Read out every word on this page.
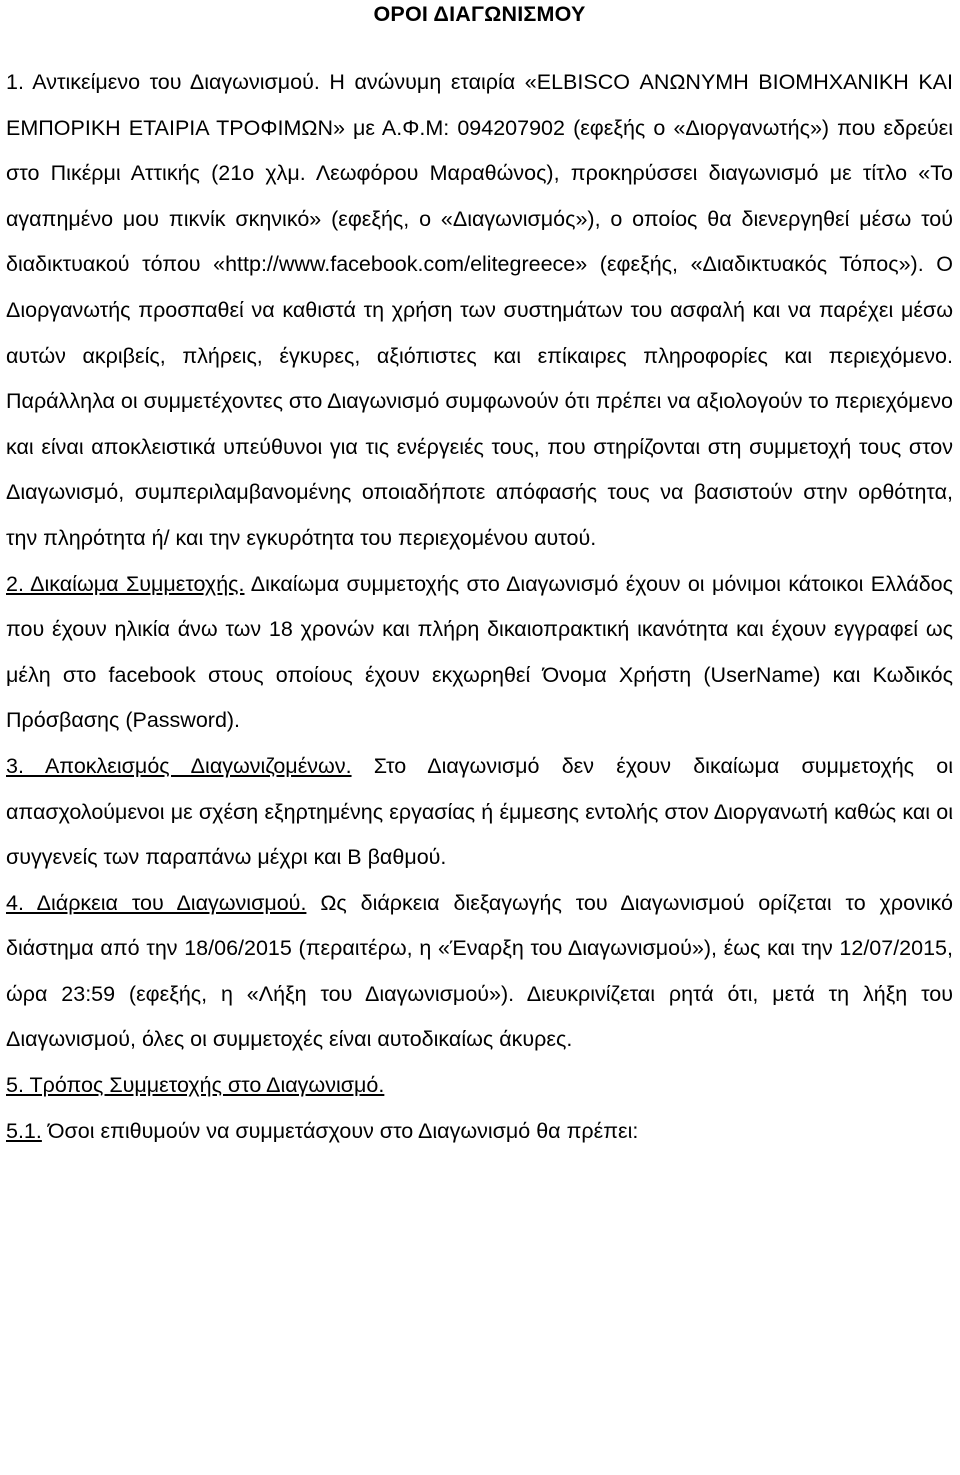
ΟΡΟΙ ΔΙΑΓΩΝΙΣΜΟΥ

1. Αντικείμενο του Διαγωνισμού. Η ανώνυμη εταιρία «ELBISCO ΑΝΩΝΥΜΗ ΒΙΟΜΗΧΑΝΙΚΗ ΚΑΙ ΕΜΠΟΡΙΚΗ ΕΤΑΙΡΙΑ ΤΡΟΦΙΜΩΝ» με Α.Φ.Μ: 094207902 (εφεξής ο «Διοργανωτής») που εδρεύει στο Πικέρμι Αττικής (21ο χλμ. Λεωφόρου Μαραθώνος), προκηρύσσει διαγωνισμό με τίτλο «Το αγαπημένο μου πικνίκ σκηνικό» (εφεξής, ο «Διαγωνισμός»), ο οποίος θα διενεργηθεί μέσω τού διαδικτυακού τόπου «http://www.facebook.com/elitegreece» (εφεξής, «Διαδικτυακός Τόπος»). Ο Διοργανωτής προσπαθεί να καθιστά τη χρήση των συστημάτων του ασφαλή και να παρέχει μέσω αυτών ακριβείς, πλήρεις, έγκυρες, αξιόπιστες και επίκαιρες πληροφορίες και περιεχόμενο. Παράλληλα οι συμμετέχοντες στο Διαγωνισμό συμφωνούν ότι πρέπει να αξιολογούν το περιεχόμενο και είναι αποκλειστικά υπεύθυνοι για τις ενέργειές τους, που στηρίζονται στη συμμετοχή τους στον Διαγωνισμό, συμπεριλαμβανομένης οποιαδήποτε απόφασής τους να βασιστούν στην ορθότητα, την πληρότητα ή/ και την εγκυρότητα του περιεχομένου αυτού.

2. Δικαίωμα Συμμετοχής. Δικαίωμα συμμετοχής στο Διαγωνισμό έχουν οι μόνιμοι κάτοικοι Ελλάδος που έχουν ηλικία άνω των 18 χρονών και πλήρη δικαιοπρακτική ικανότητα και έχουν εγγραφεί ως μέλη στο facebook στους οποίους έχουν εκχωρηθεί Όνομα Χρήστη (UserName) και Κωδικός Πρόσβασης (Password).

3. Αποκλεισμός Διαγωνιζομένων. Στο Διαγωνισμό δεν έχουν δικαίωμα συμμετοχής οι απασχολούμενοι με σχέση εξηρτημένης εργασίας ή έμμεσης εντολής στον Διοργανωτή καθώς και οι συγγενείς των παραπάνω μέχρι και Β βαθμού.

4. Διάρκεια του Διαγωνισμού. Ως διάρκεια διεξαγωγής του Διαγωνισμού ορίζεται το χρονικό διάστημα από την 18/06/2015 (περαιτέρω, η «Έναρξη του Διαγωνισμού»), έως και την 12/07/2015, ώρα 23:59 (εφεξής, η «Λήξη του Διαγωνισμού»). Διευκρινίζεται ρητά ότι, μετά τη λήξη του Διαγωνισμού, όλες οι συμμετοχές είναι αυτοδικαίως άκυρες.

5. Τρόπος Συμμετοχής στο Διαγωνισμό.

5.1. Όσοι επιθυμούν να συμμετάσχουν στο Διαγωνισμό θα πρέπει:
